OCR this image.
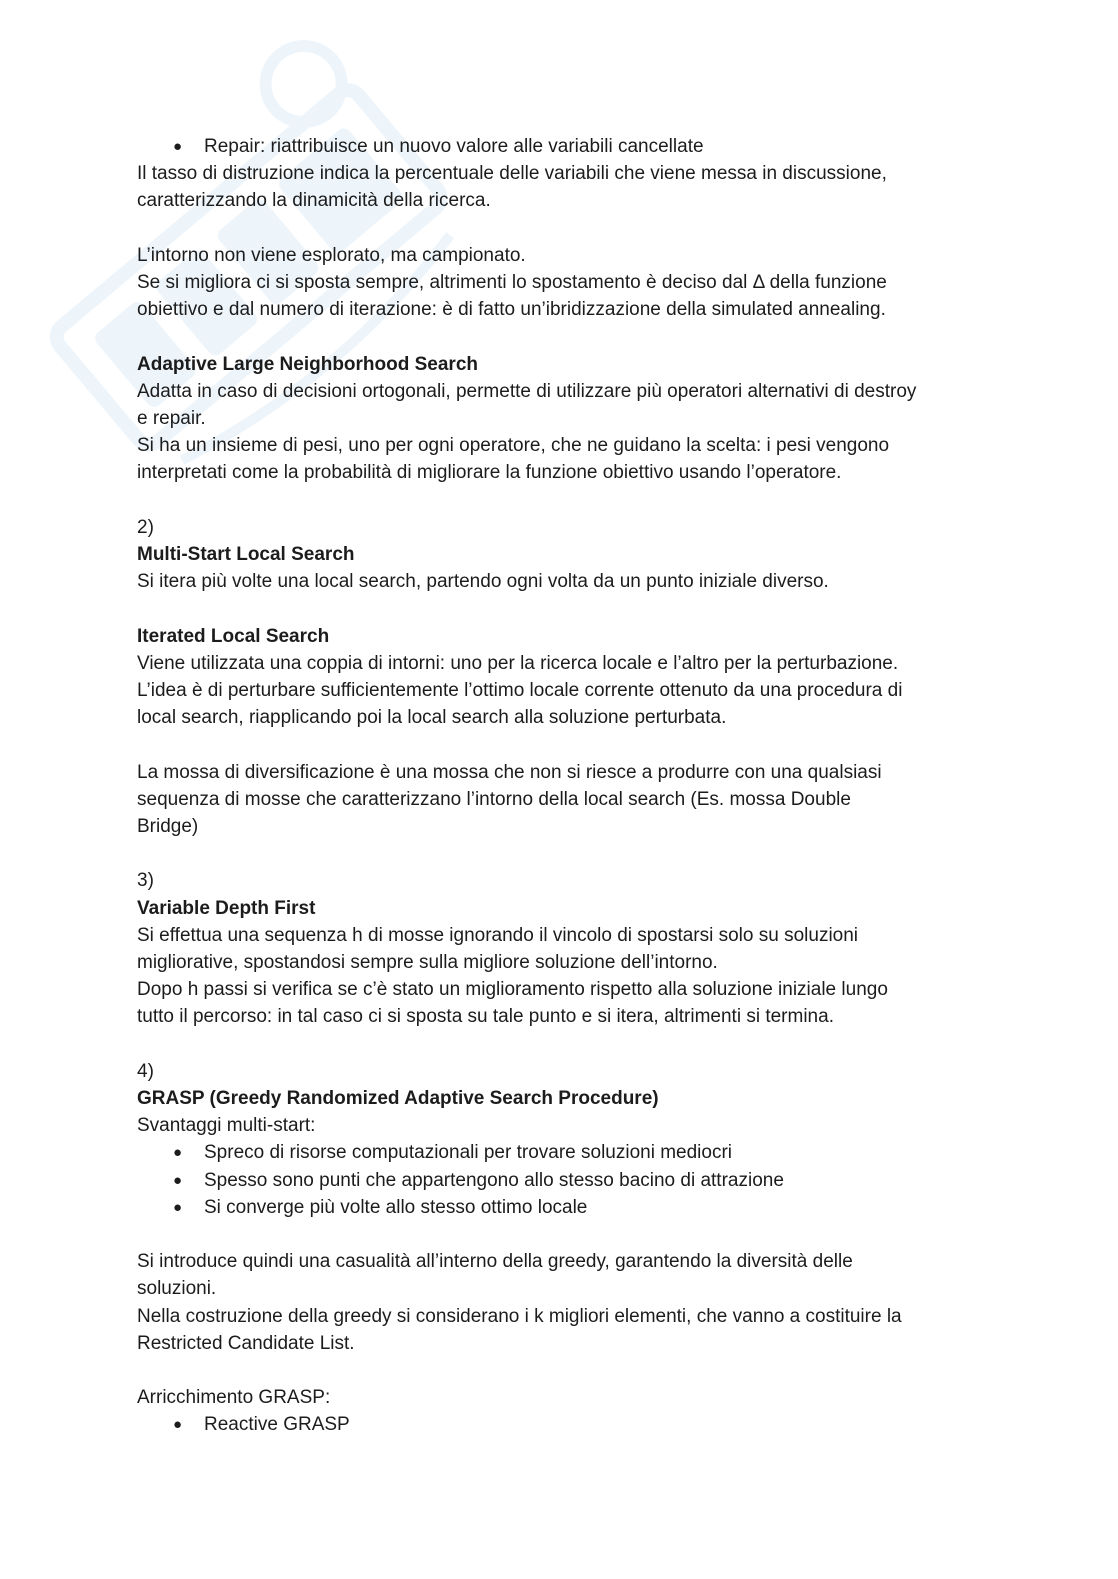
● Repair: riattribuisce un nuovo valore alle variabili cancellate

Il tasso di distruzione indica la percentuale delle variabili che viene messa in discussione,

caratterizzando la dinamicità della ricerca.

L’intorno non viene esplorato, ma campionato.

Se si migliora ci si sposta sempre, altrimenti lo spostamento è deciso dal Δ della funzione

obiettivo e dal numero di iterazione: è di fatto un’ibridizzazione della simulated annealing.

Adaptive Large Neighborhood Search

Adatta in caso di decisioni ortogonali, permette di utilizzare più operatori alternativi di destroy

e repair.

Si ha un insieme di pesi, uno per ogni operatore, che ne guidano la scelta: i pesi vengono

interpretati come la probabilità di migliorare la funzione obiettivo usando l’operatore.

2)

Multi-Start Local Search

Si itera più volte una local search, partendo ogni volta da un punto iniziale diverso.

Iterated Local Search

Viene utilizzata una coppia di intorni: uno per la ricerca locale e l’altro per la perturbazione.

L’idea è di perturbare sufficientemente l’ottimo locale corrente ottenuto da una procedura di

local search, riapplicando poi la local search alla soluzione perturbata.

La mossa di diversificazione è una mossa che non si riesce a produrre con una qualsiasi

sequenza di mosse che caratterizzano l’intorno della local search (Es. mossa Double

Bridge)

3)

Variable Depth First

Si effettua una sequenza h di mosse ignorando il vincolo di spostarsi solo su soluzioni

migliorative, spostandosi sempre sulla migliore soluzione dell’intorno.

Dopo h passi si verifica se c’è stato un miglioramento rispetto alla soluzione iniziale lungo

tutto il percorso: in tal caso ci si sposta su tale punto e si itera, altrimenti si termina.

4)

GRASP (Greedy Randomized Adaptive Search Procedure)

Svantaggi multi-start:

● Spreco di risorse computazionali per trovare soluzioni mediocri
● Spesso sono punti che appartengono allo stesso bacino di attrazione
● Si converge più volte allo stesso ottimo locale

Si introduce quindi una casualità all’interno della greedy, garantendo la diversità delle

soluzioni.

Nella costruzione della greedy si considerano i k migliori elementi, che vanno a costituire la

Restricted Candidate List.

Arricchimento GRASP:

● Reactive GRASP
